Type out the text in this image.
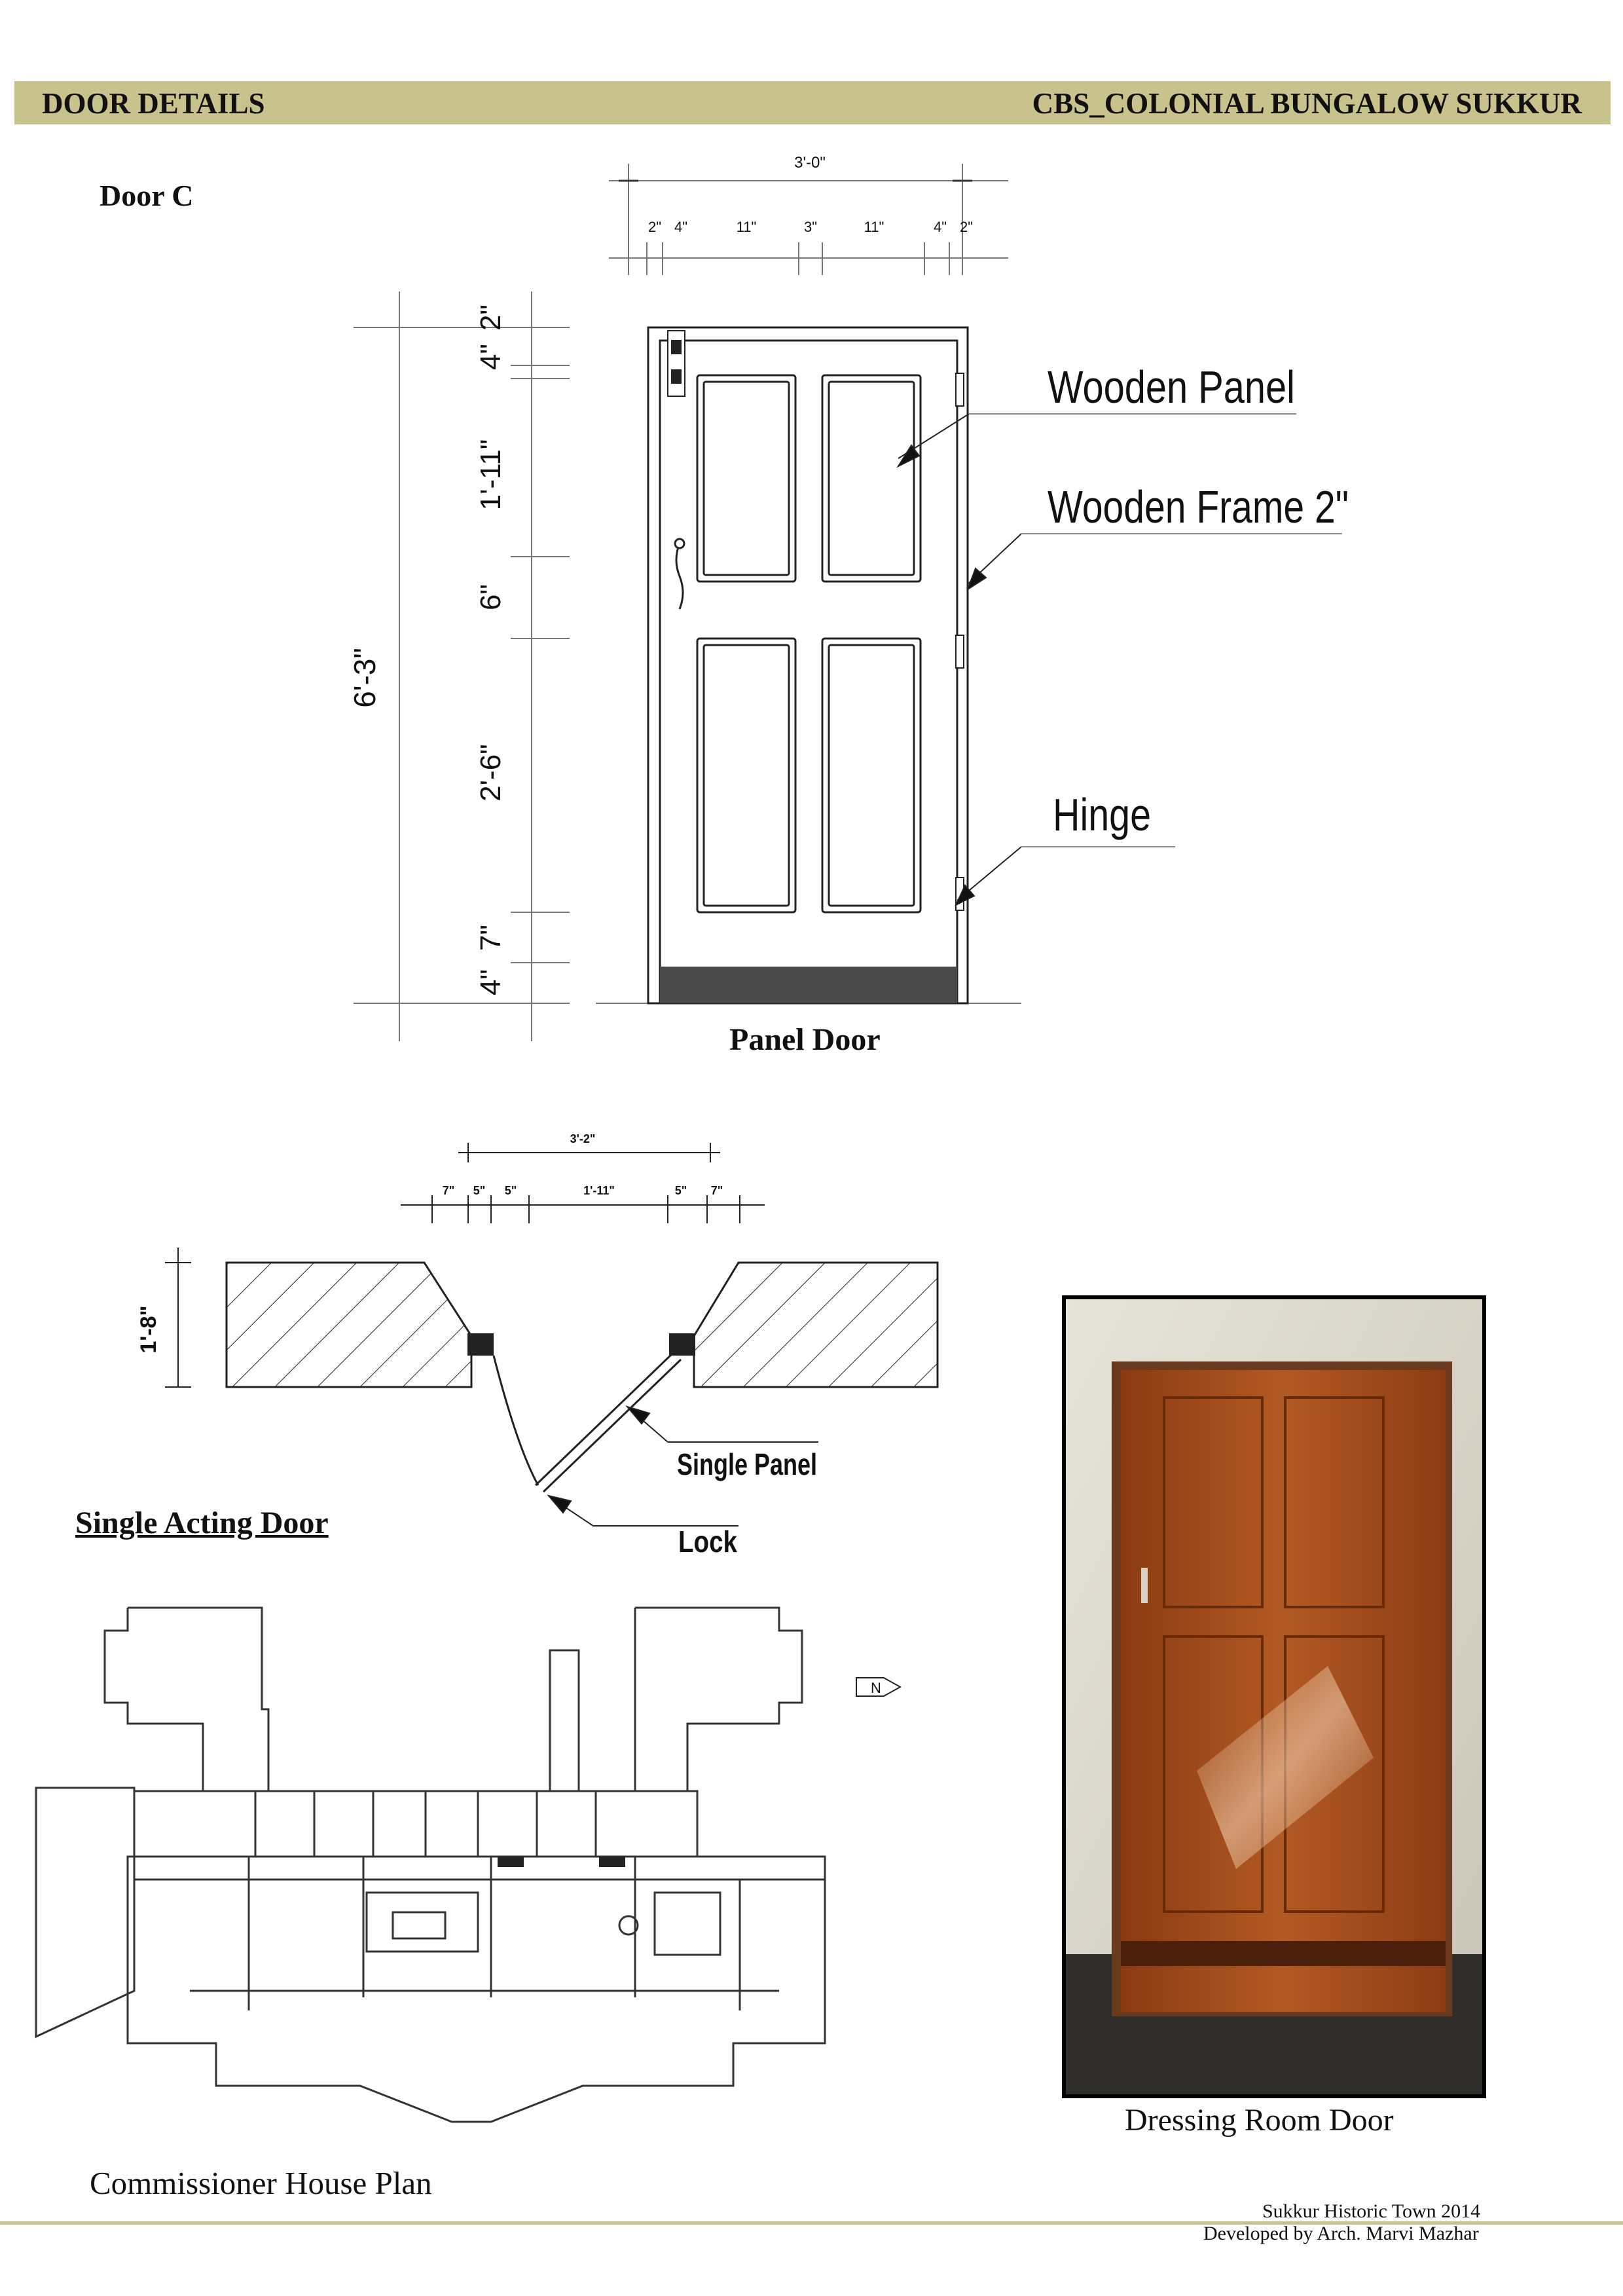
DOOR DETAILS	CBS_COLONIAL BUNGALOW SUKKUR
Door C
3'-0"
2" 4"	11"	3"	11"	4" 2"
6'-3"
4"
2"
1'-11"
6"
2'-6"
7"
4"
Wooden Panel
Wooden Frame 2"
Hinge
Panel Door
3'-2"
7" 5" 5"	1'-11"	5" 7"
1'-8"
Single Panel
Lock
Single Acting Door
N
Commissioner House Plan
Dressing Room Door
Sukkur Historic Town 2014
Developed by Arch. Marvi Mazhar
